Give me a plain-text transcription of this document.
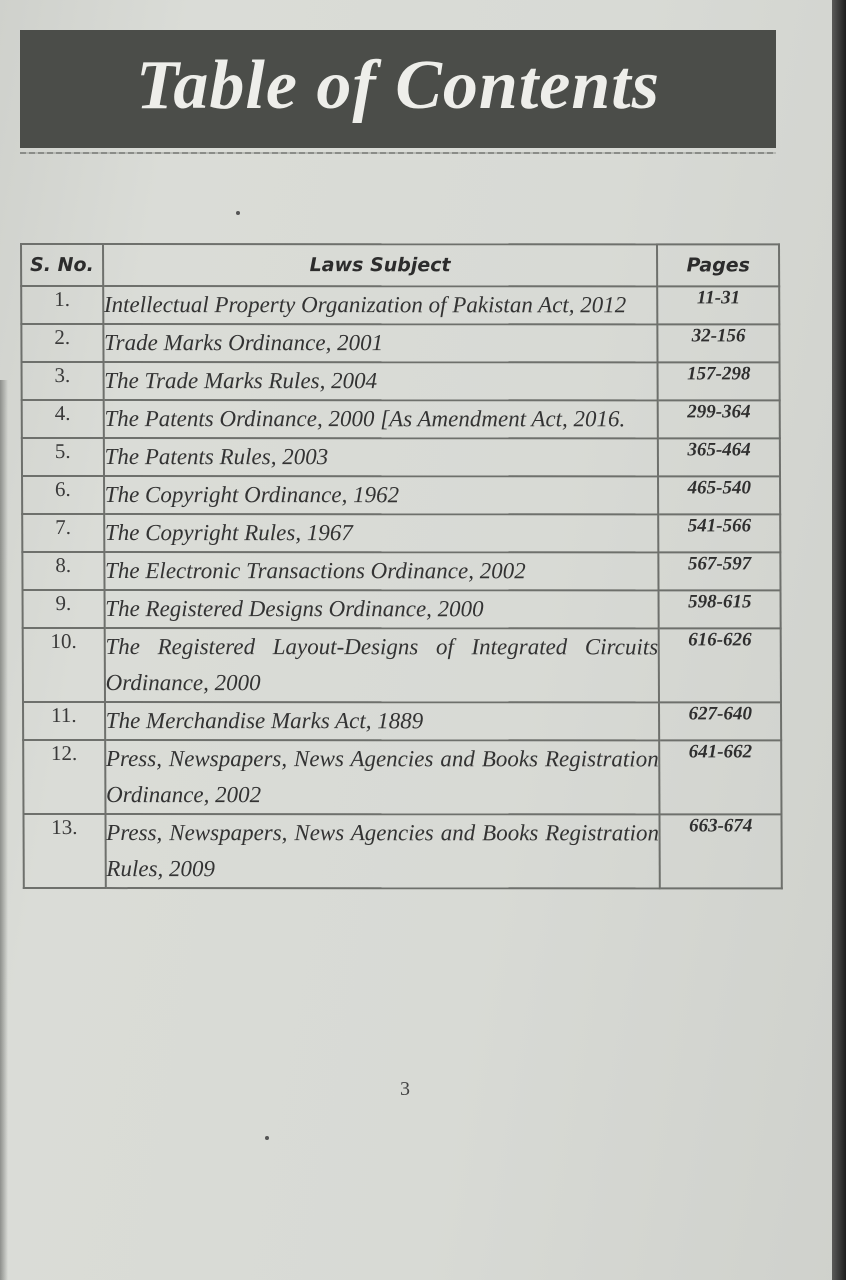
Table of Contents
S. No.	Laws Subject	Pages
1.	Intellectual Property Organization of Pakistan Act, 2012	11-31
2.	Trade Marks Ordinance, 2001	32-156
3.	The Trade Marks Rules, 2004	157-298
4.	The Patents Ordinance, 2000 [As Amendment Act, 2016.	299-364
5.	The Patents Rules, 2003	365-464
6.	The Copyright Ordinance, 1962	465-540
7.	The Copyright Rules, 1967	541-566
8.	The Electronic Transactions Ordinance, 2002	567-597
9.	The Registered Designs Ordinance, 2000	598-615
10.	The Registered Layout-Designs of Integrated Circuits Ordinance, 2000	616-626
11.	The Merchandise Marks Act, 1889	627-640
12.	Press, Newspapers, News Agencies and Books Registration Ordinance, 2002	641-662
13.	Press, Newspapers, News Agencies and Books Registration Rules, 2009	663-674
3
